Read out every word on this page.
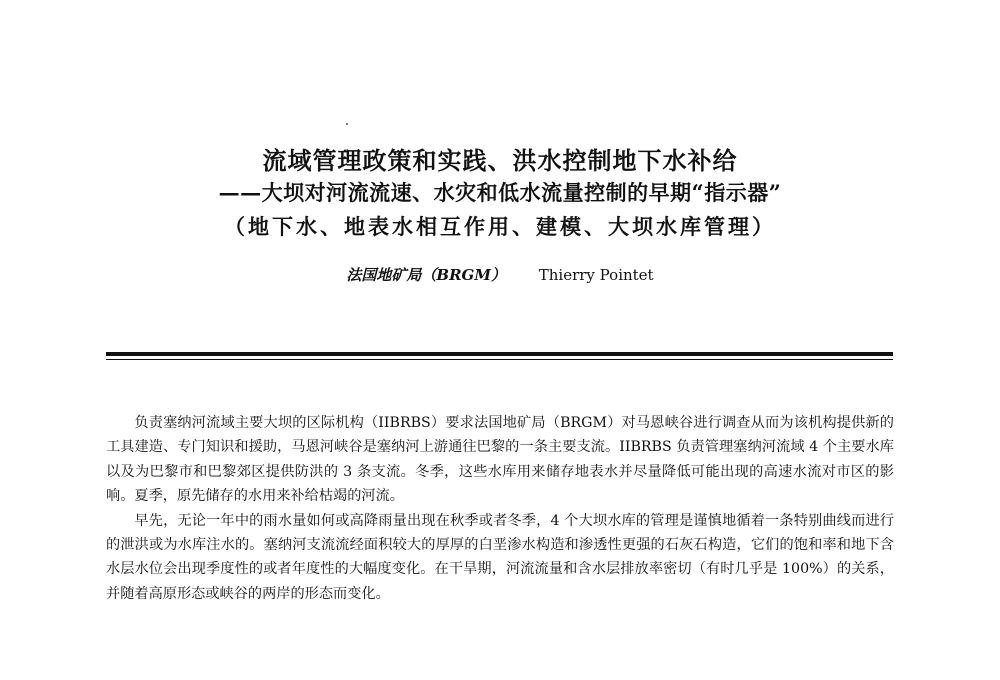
流域管理政策和实践、洪水控制地下水补给
——大坝对河流流速、水灾和低水流量控制的早期“指示器”
（地下水、地表水相互作用、建模、大坝水库管理）
法国地矿局（BRGM） Thierry Pointet

负责塞纳河流域主要大坝的区际机构（IIBRBS）要求法国地矿局（BRGM）对马恩峡谷进行调查从而为该机构提供新的工具建造、专门知识和援助，马恩河峡谷是塞纳河上游通往巴黎的一条主要支流。IIBRBS 负责管理塞纳河流域 4 个主要水库以及为巴黎市和巴黎郊区提供防洪的 3 条支流。冬季，这些水库用来储存地表水并尽量降低可能出现的高速水流对市区的影响。夏季，原先储存的水用来补给枯竭的河流。

早先，无论一年中的雨水量如何或高降雨量出现在秋季或者冬季，4 个大坝水库的管理是谨慎地循着一条特别曲线而进行的泄洪或为水库注水的。塞纳河支流流经面积较大的厚厚的白垩渗水构造和渗透性更强的石灰石构造，它们的饱和率和地下含水层水位会出现季度性的或者年度性的大幅度变化。在干旱期，河流流量和含水层排放率密切（有时几乎是 100%）的关系，并随着高原形态或峡谷的两岸的形态而变化。
